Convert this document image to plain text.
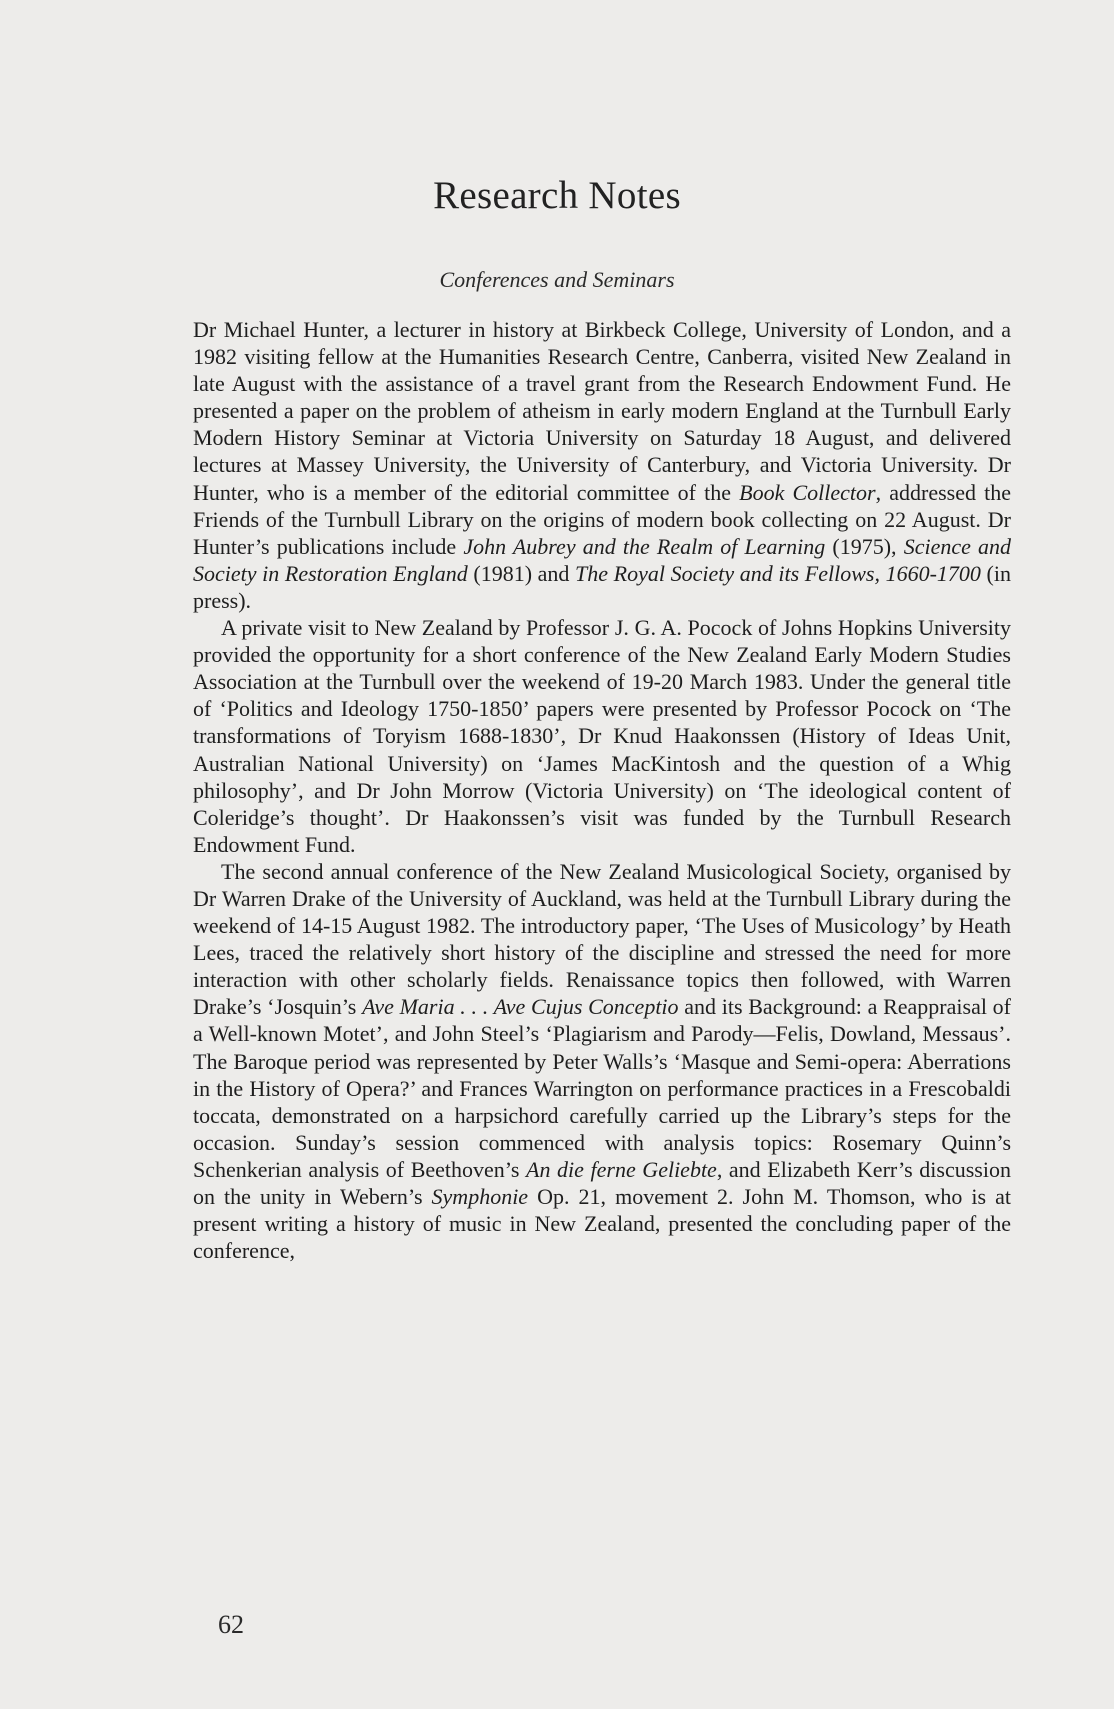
Research Notes
Conferences and Seminars

Dr Michael Hunter, a lecturer in history at Birkbeck College, University of London, and a 1982 visiting fellow at the Humanities Research Centre, Canberra, visited New Zealand in late August with the assistance of a travel grant from the Research Endowment Fund. He presented a paper on the problem of atheism in early modern England at the Turnbull Early Modern History Seminar at Victoria University on Saturday 18 August, and delivered lectures at Massey University, the University of Canterbury, and Victoria University. Dr Hunter, who is a member of the editorial committee of the Book Collector, addressed the Friends of the Turnbull Library on the origins of modern book collecting on 22 August. Dr Hunter’s publications include John Aubrey and the Realm of Learning (1975), Science and Society in Restoration England (1981) and The Royal Society and its Fellows, 1660-1700 (in press).

A private visit to New Zealand by Professor J. G. A. Pocock of Johns Hopkins University provided the opportunity for a short conference of the New Zealand Early Modern Studies Association at the Turnbull over the weekend of 19-20 March 1983. Under the general title of ‘Politics and Ideology 1750-1850’ papers were presented by Professor Pocock on ‘The transformations of Toryism 1688-1830’, Dr Knud Haakonssen (History of Ideas Unit, Australian National University) on ‘James MacKintosh and the question of a Whig philosophy’, and Dr John Morrow (Victoria University) on ‘The ideological content of Coleridge’s thought’. Dr Haakonssen’s visit was funded by the Turnbull Research Endowment Fund.

The second annual conference of the New Zealand Musicological Society, organised by Dr Warren Drake of the University of Auckland, was held at the Turnbull Library during the weekend of 14-15 August 1982. The introductory paper, ‘The Uses of Musicology’ by Heath Lees, traced the relatively short history of the discipline and stressed the need for more interaction with other scholarly fields. Renaissance topics then followed, with Warren Drake’s ‘Josquin’s Ave Maria . . . Ave Cujus Conceptio and its Background: a Reappraisal of a Well-known Motet’, and John Steel’s ‘Plagiarism and Parody—Felis, Dowland, Messaus’. The Baroque period was represented by Peter Walls’s ‘Masque and Semi-opera: Aberrations in the History of Opera?’ and Frances Warrington on performance practices in a Frescobaldi toccata, demonstrated on a harpsichord carefully carried up the Library’s steps for the occasion. Sunday’s session commenced with analysis topics: Rosemary Quinn’s Schenkerian analysis of Beethoven’s An die ferne Geliebte, and Elizabeth Kerr’s discussion on the unity in Webern’s Symphonie Op. 21, movement 2. John M. Thomson, who is at present writing a history of music in New Zealand, presented the concluding paper of the conference,

62
